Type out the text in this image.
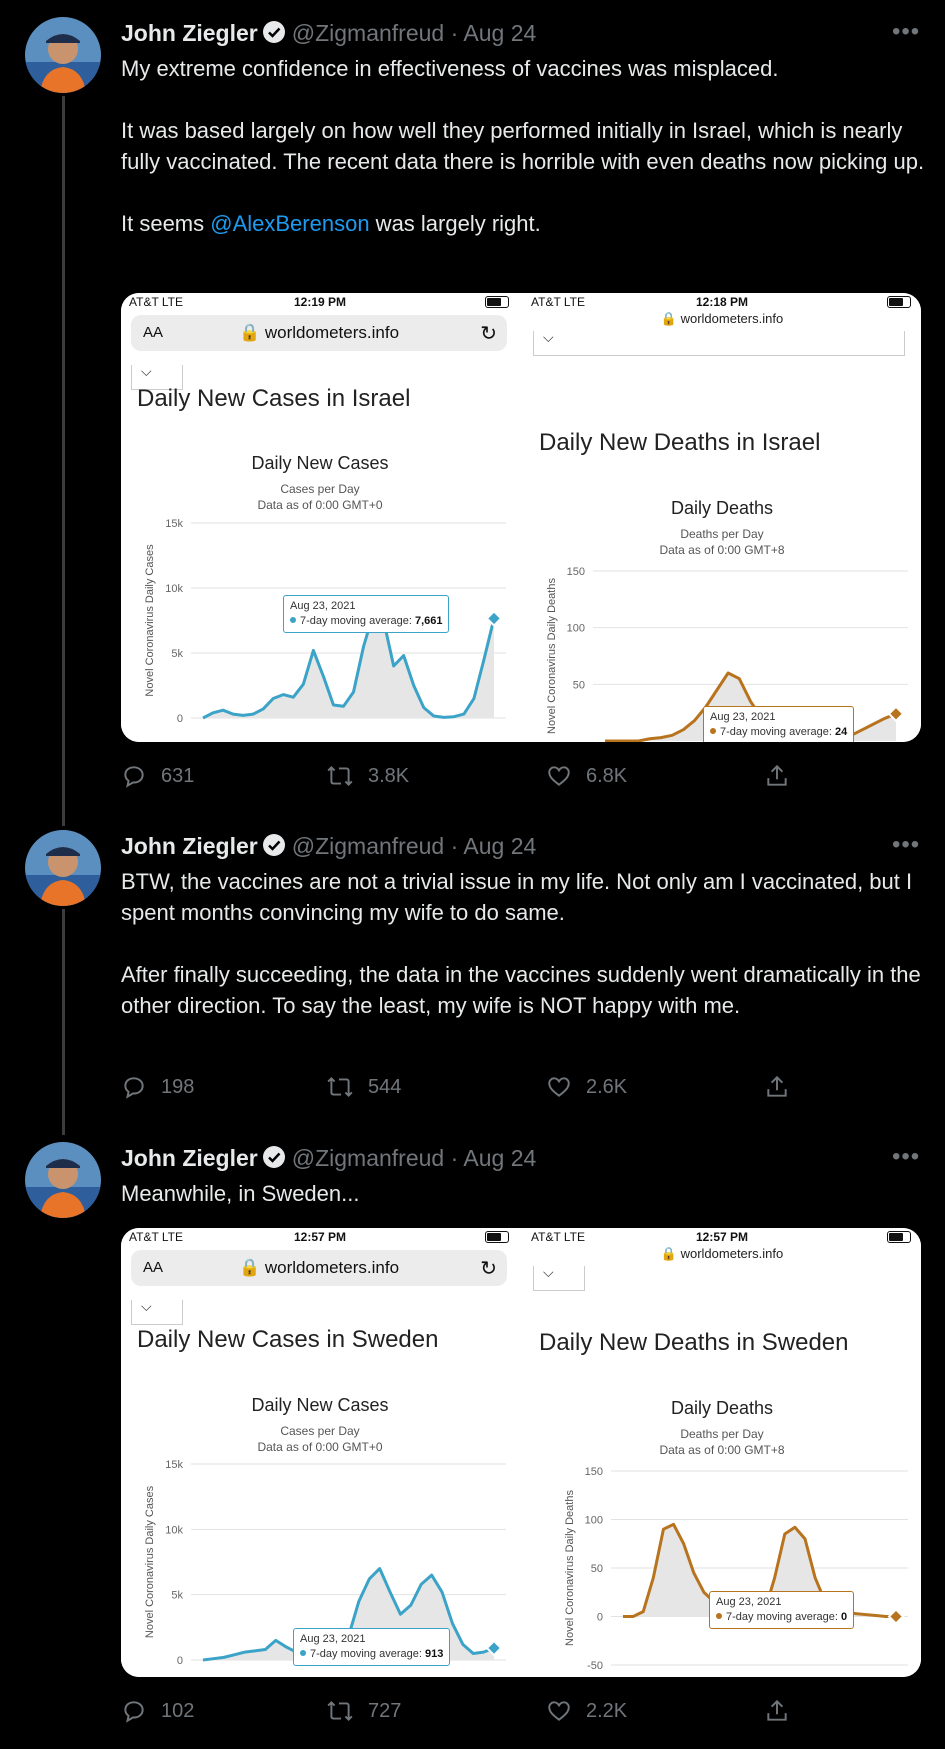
John Ziegler @Zigmanfreud · Aug 24	•••

My extreme confidence in effectiveness of vaccines was misplaced.

It was based largely on how well they performed initially in Israel, which is nearly fully vaccinated. The recent data there is horrible with even deaths now picking up.

It seems @AlexBerenson was largely right.

AT&T LTE	12:19 PM
AA	🔒 worldometers.info	↻
⌵
Daily New Cases in Israel
Daily New Cases
Cases per Day
Data as of 0:00 GMT+0
0
5k
10k
15k
Novel Coronavirus Daily Cases	Aug 23, 2021
7-day moving average: 7,661
AT&T LTE	12:18 PM
🔒 worldometers.info
⌵
Daily New Deaths in Israel
Daily Deaths
Deaths per Day
Data as of 0:00 GMT+8
50
100
150
Novel Coronavirus Daily Deaths	Aug 23, 2021
7-day moving average: 24
631	3.8K	6.8K
John Ziegler @Zigmanfreud · Aug 24	•••

BTW, the vaccines are not a trivial issue in my life. Not only am I vaccinated, but I spent months convincing my wife to do same.

After finally succeeding, the data in the vaccines suddenly went dramatically in the other direction. To say the least, my wife is NOT happy with me.

198	544	2.6K
John Ziegler @Zigmanfreud · Aug 24	•••

Meanwhile, in Sweden...

AT&T LTE	12:57 PM
AA	🔒 worldometers.info	↻
⌵
Daily New Cases in Sweden
Daily New Cases
Cases per Day
Data as of 0:00 GMT+0
0
5k
10k
15k
Novel Coronavirus Daily Cases
Aug 23, 2021
7-day moving average: 913
AT&T LTE	12:57 PM
🔒 worldometers.info
⌵
Daily New Deaths in Sweden
Daily Deaths
Deaths per Day
Data as of 0:00 GMT+8
-50
0
50
100
150
Novel Coronavirus Daily Deaths	Aug 23, 2021
7-day moving average: 0
102	727	2.2K
